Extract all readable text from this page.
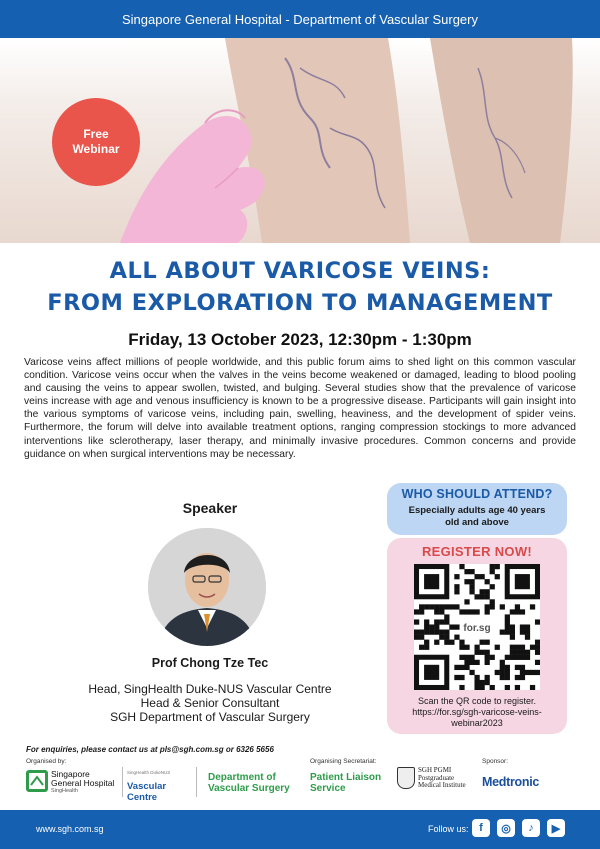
Singapore General Hospital - Department of Vascular Surgery
Free
Webinar
ALL ABOUT VARICOSE VEINS:
FROM EXPLORATION TO MANAGEMENT
Friday, 13 October 2023, 12:30pm - 1:30pm
Varicose veins affect millions of people worldwide, and this public forum aims to shed light on this common vascular condition. Varicose veins occur when the valves in the veins become weakened or damaged, leading to blood pooling and causing the veins to appear swollen, twisted, and bulging. Several studies show that the prevalence of varicose veins increase with age and venous insufficiency is known to be a progressive disease. Participants will gain insight into the various symptoms of varicose veins, including pain, swelling, heaviness, and the development of spider veins. Furthermore, the forum will delve into available treatment options, ranging compression stockings to more advanced interventions like sclerotherapy, laser therapy, and minimally invasive procedures. Common concerns and provide guidance on when surgical interventions may be necessary.
Speaker
Prof Chong Tze Tec
Head, SingHealth Duke-NUS Vascular Centre
Head & Senior Consultant
SGH Department of Vascular Surgery
WHO SHOULD ATTEND?
Especially adults age 40 years old and above
REGISTER NOW!
for.sg
Scan the QR code to register.
https://for.sg/sgh-varicose-veins-webinar2023
For enquiries, please contact us at pls@sgh.com.sg or 6326 5656
Organised by:	Organising Secretariat:	Sponsor:
Singapore
General Hospital
SingHealth
SingHealth DukeNUS
Vascular Centre
Department of
Vascular Surgery
Patient Liaison
Service
SGH PGMI
Postgraduate
Medical Institute Medtronic
www.sgh.com.sg	Follow us: f	◎	♪	▶
